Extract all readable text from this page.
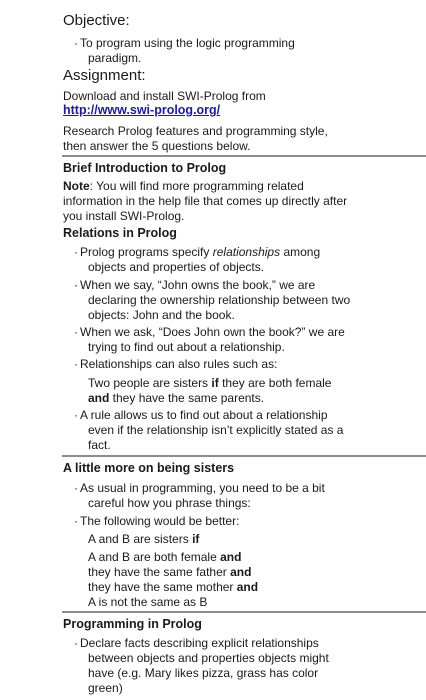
Objective:
· To program using the logic programming
paradigm.
Assignment:
Download and install SWI-Prolog from
http://www.swi-prolog.org/
Research Prolog features and programming style,
then answer the 5 questions below.
Brief Introduction to Prolog
Note: You will find more programming related
information in the help file that comes up directly after
you install SWI-Prolog.
Relations in Prolog
· Prolog programs specify relationships among
objects and properties of objects.
· When we say, “John owns the book,” we are
declaring the ownership relationship between two
objects: John and the book.
· When we ask, “Does John own the book?” we are
trying to find out about a relationship.
· Relationships can also rules such as:
Two people are sisters if they are both female
and they have the same parents.
· A rule allows us to find out about a relationship
even if the relationship isn’t explicitly stated as a
fact.
A little more on being sisters
· As usual in programming, you need to be a bit
careful how you phrase things:
· The following would be better:
A and B are sisters if
A and B are both female and
they have the same father and
they have the same mother and
A is not the same as B
Programming in Prolog
· Declare facts describing explicit relationships
between objects and properties objects might
have (e.g. Mary likes pizza, grass has color
green)
